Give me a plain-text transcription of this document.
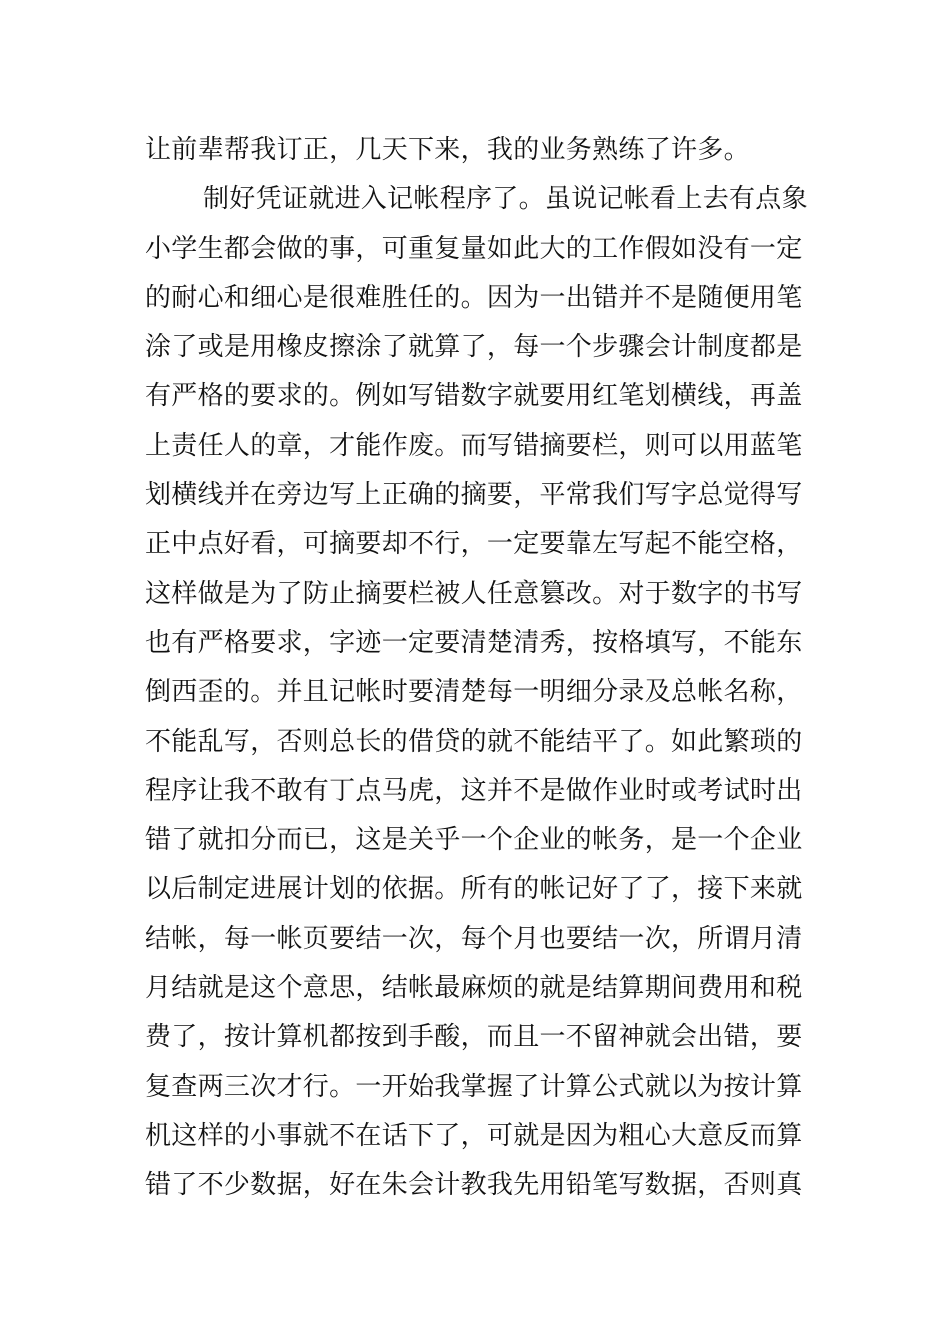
让前辈帮我订正，几天下来，我的业务熟练了许多。
制好凭证就进入记帐程序了。虽说记帐看上去有点象
小学生都会做的事，可重复量如此大的工作假如没有一定
的耐心和细心是很难胜任的。因为一出错并不是随便用笔
涂了或是用橡皮擦涂了就算了，每一个步骤会计制度都是
有严格的要求的。例如写错数字就要用红笔划横线，再盖
上责任人的章，才能作废。而写错摘要栏，则可以用蓝笔
划横线并在旁边写上正确的摘要，平常我们写字总觉得写
正中点好看，可摘要却不行，一定要靠左写起不能空格，
这样做是为了防止摘要栏被人任意篡改。对于数字的书写
也有严格要求，字迹一定要清楚清秀，按格填写，不能东
倒西歪的。并且记帐时要清楚每一明细分录及总帐名称，
不能乱写，否则总长的借贷的就不能结平了。如此繁琐的
程序让我不敢有丁点马虎，这并不是做作业时或考试时出
错了就扣分而已，这是关乎一个企业的帐务，是一个企业
以后制定进展计划的依据。所有的帐记好了了，接下来就
结帐，每一帐页要结一次，每个月也要结一次，所谓月清
月结就是这个意思，结帐最麻烦的就是结算期间费用和税
费了，按计算机都按到手酸，而且一不留神就会出错，要
复查两三次才行。一开始我掌握了计算公式就以为按计算
机这样的小事就不在话下了，可就是因为粗心大意反而算
错了不少数据，好在朱会计教我先用铅笔写数据，否则真
